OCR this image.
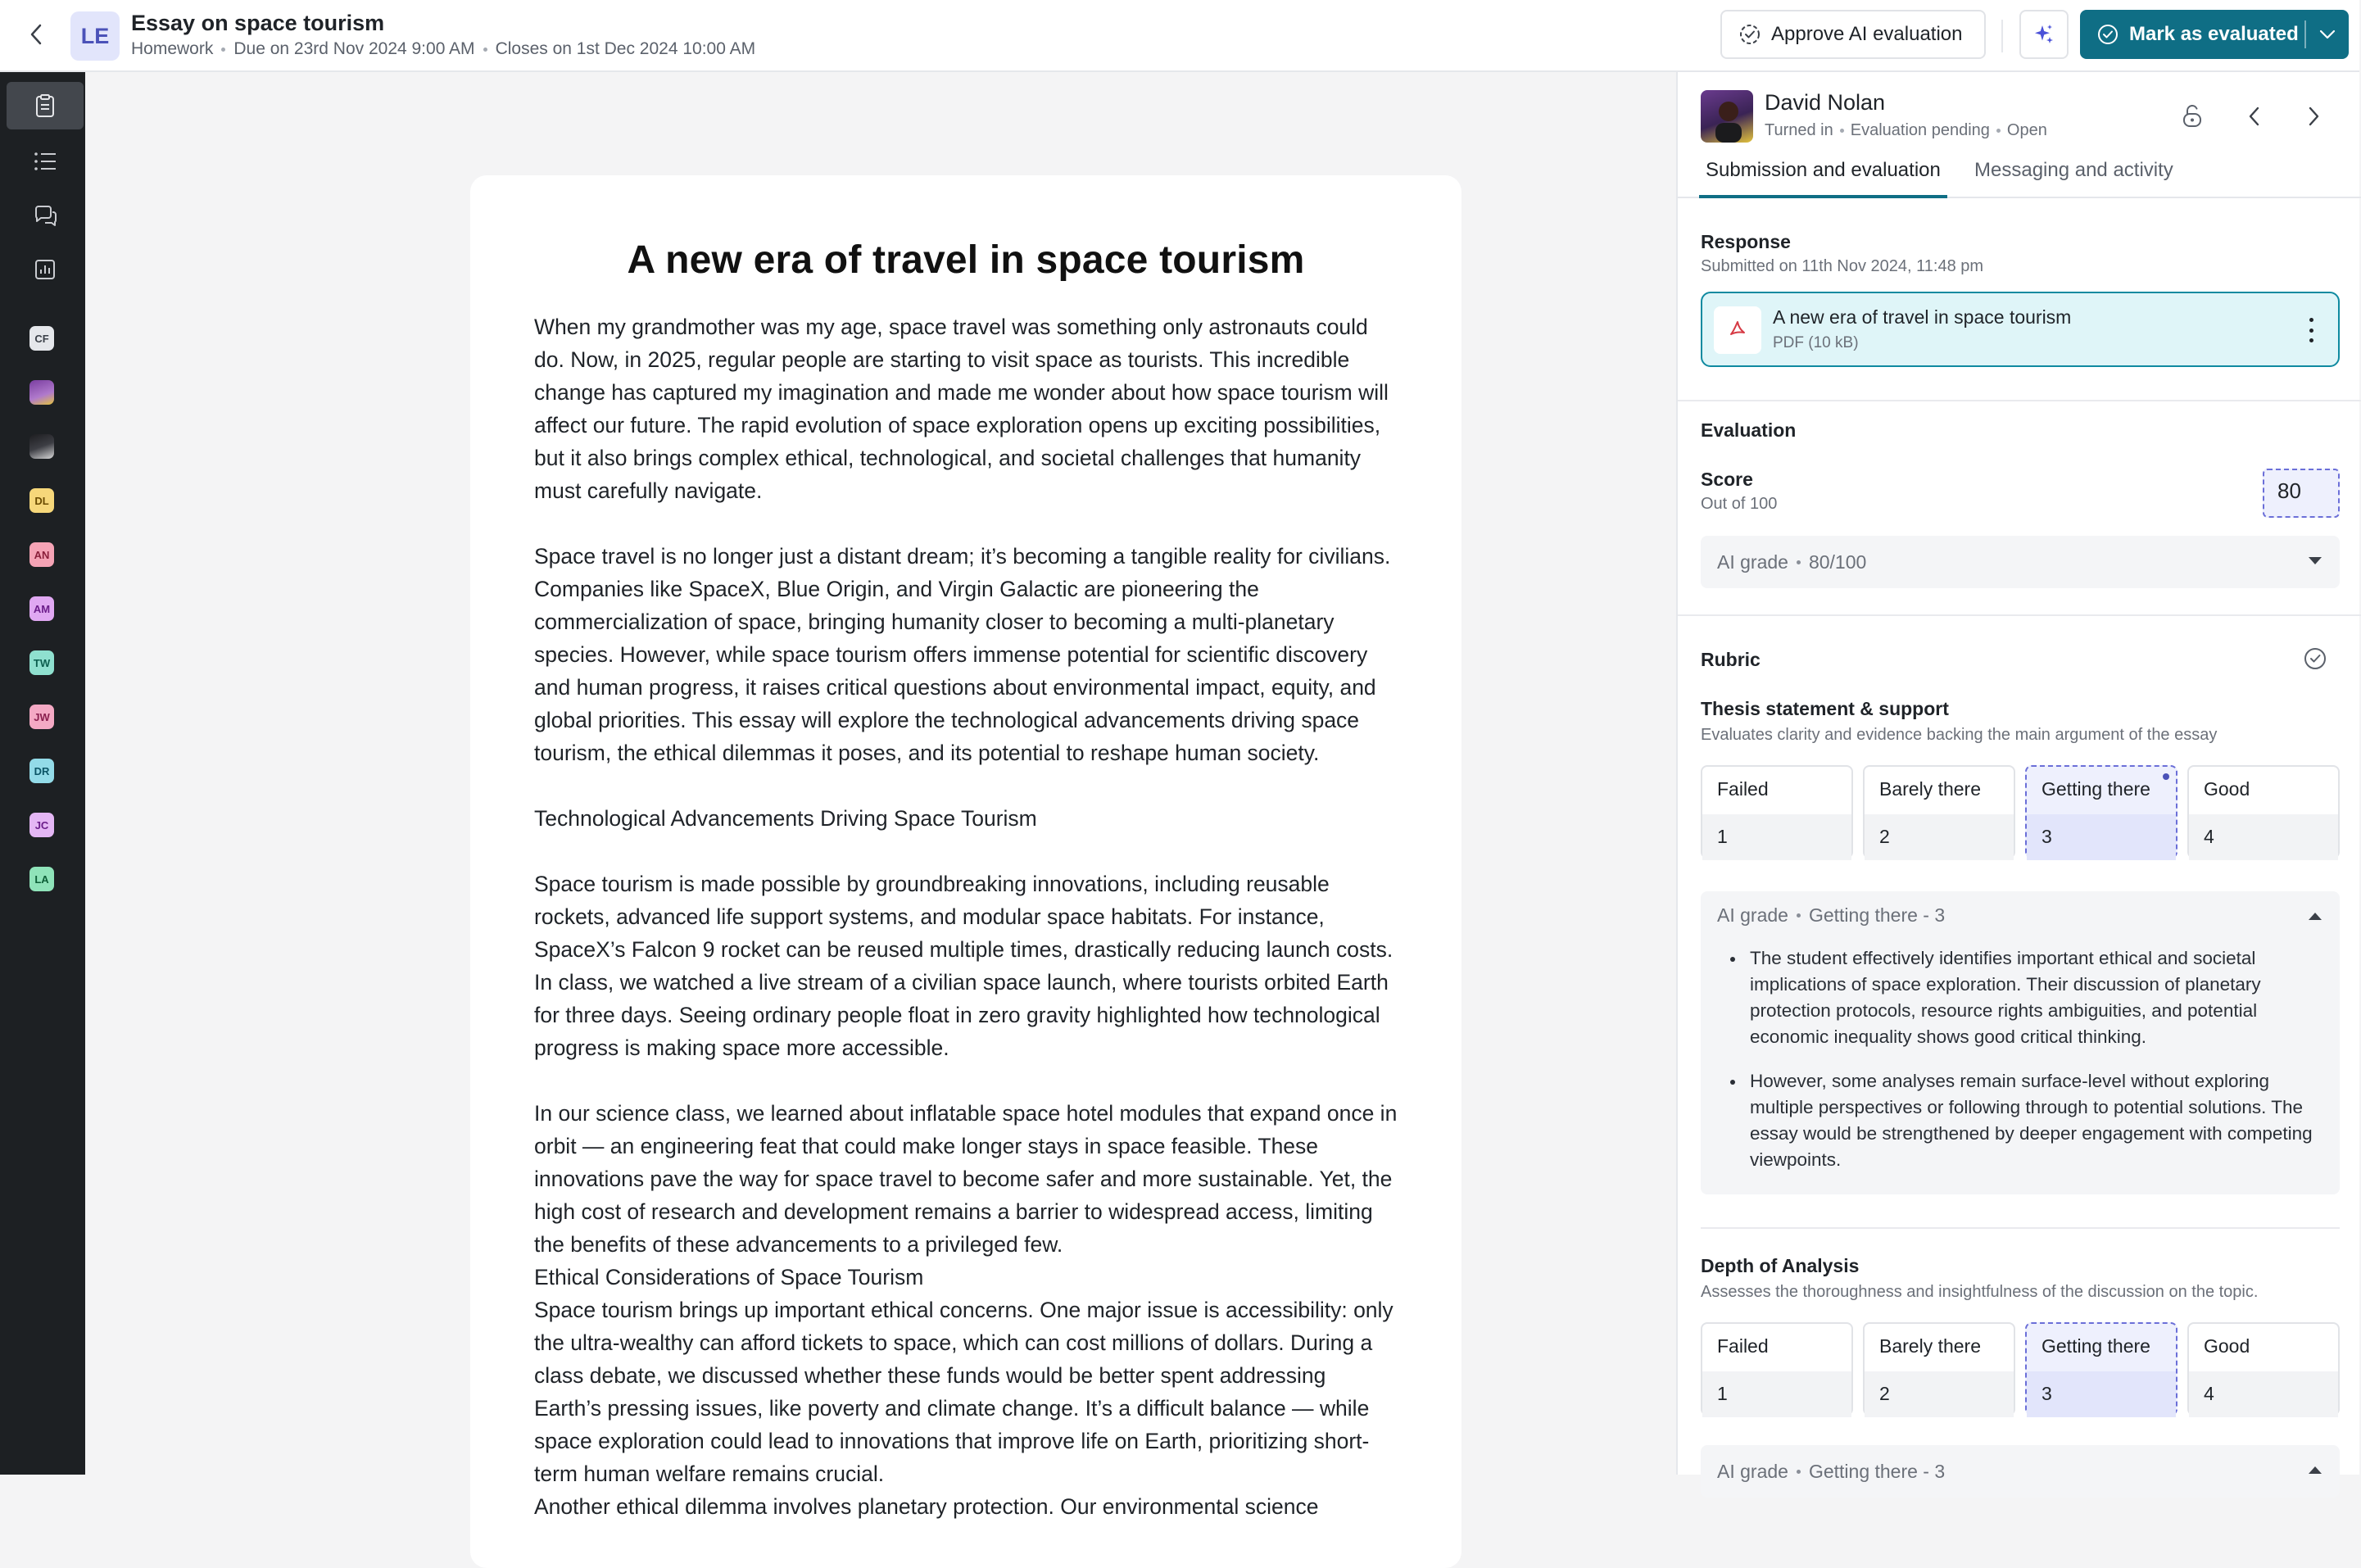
LE
Essay on space tourism
Homework Due on 23rd Nov 2024 9:00 AM Closes on 1st Dec 2024 10:00 AM
Approve AI evaluation	Mark as evaluated
CF
DL
AN
AM
TW
JW
DR
JC
LA
A new era of travel in space tourism

When my grandmother was my age, space travel was something only astronauts could do. Now, in 2025, regular people are starting to visit space as tourists. This incredible change has captured my imagination and made me wonder about how space tourism will affect our future. The rapid evolution of space exploration opens up exciting possibilities, but it also brings complex ethical, technological, and societal challenges that humanity must carefully navigate.

Space travel is no longer just a distant dream; it’s becoming a tangible reality for civilians. Companies like SpaceX, Blue Origin, and Virgin Galactic are pioneering the commercialization of space, bringing humanity closer to becoming a multi-planetary species. However, while space tourism offers immense potential for scientific discovery and human progress, it raises critical questions about environmental impact, equity, and global priorities. This essay will explore the technological advancements driving space tourism, the ethical dilemmas it poses, and its potential to reshape human society.

Technological Advancements Driving Space Tourism

Space tourism is made possible by groundbreaking innovations, including reusable rockets, advanced life support systems, and modular space habitats. For instance, SpaceX’s Falcon 9 rocket can be reused multiple times, drastically reducing launch costs. In class, we watched a live stream of a civilian space launch, where tourists orbited Earth for three days. Seeing ordinary people float in zero gravity highlighted how technological progress is making space more accessible.

In our science class, we learned about inflatable space hotel modules that expand once in orbit — an engineering feat that could make longer stays in space feasible. These innovations pave the way for space travel to become safer and more sustainable. Yet, the high cost of research and development remains a barrier to widespread access, limiting the benefits of these advancements to a privileged few.

Ethical Considerations of Space Tourism

Space tourism brings up important ethical concerns. One major issue is accessibility: only the ultra-wealthy can afford tickets to space, which can cost millions of dollars. During a class debate, we discussed whether these funds would be better spent addressing Earth’s pressing issues, like poverty and climate change. It’s a difficult balance — while space exploration could lead to innovations that improve life on Earth, prioritizing short-term human welfare remains crucial.

Another ethical dilemma involves planetary protection. Our environmental science

David Nolan
Turned in Evaluation pending Open
Submission and evaluation Messaging and activity
Response
Submitted on 11th Nov 2024, 11:48 pm
A new era of travel in space tourism
PDF (10 kB)
Evaluation
Score
Out of 100
80
AI grade 80/100
Rubric
Thesis statement & support
Evaluates clarity and evidence backing the main argument of the essay
Failed
1
Barely there
2
Getting there
3
Good
4
AI grade Getting there - 3
The student effectively identifies important ethical and societal implications of space exploration. Their discussion of planetary protection protocols, resource rights ambiguities, and potential economic inequality shows good critical thinking.
However, some analyses remain surface-level without exploring multiple perspectives or following through to potential solutions. The essay would be strengthened by deeper engagement with competing viewpoints.
Depth of Analysis
Assesses the thoroughness and insightfulness of the discussion on the topic.
Failed
1
Barely there
2
Getting there
3
Good
4
AI grade Getting there - 3
